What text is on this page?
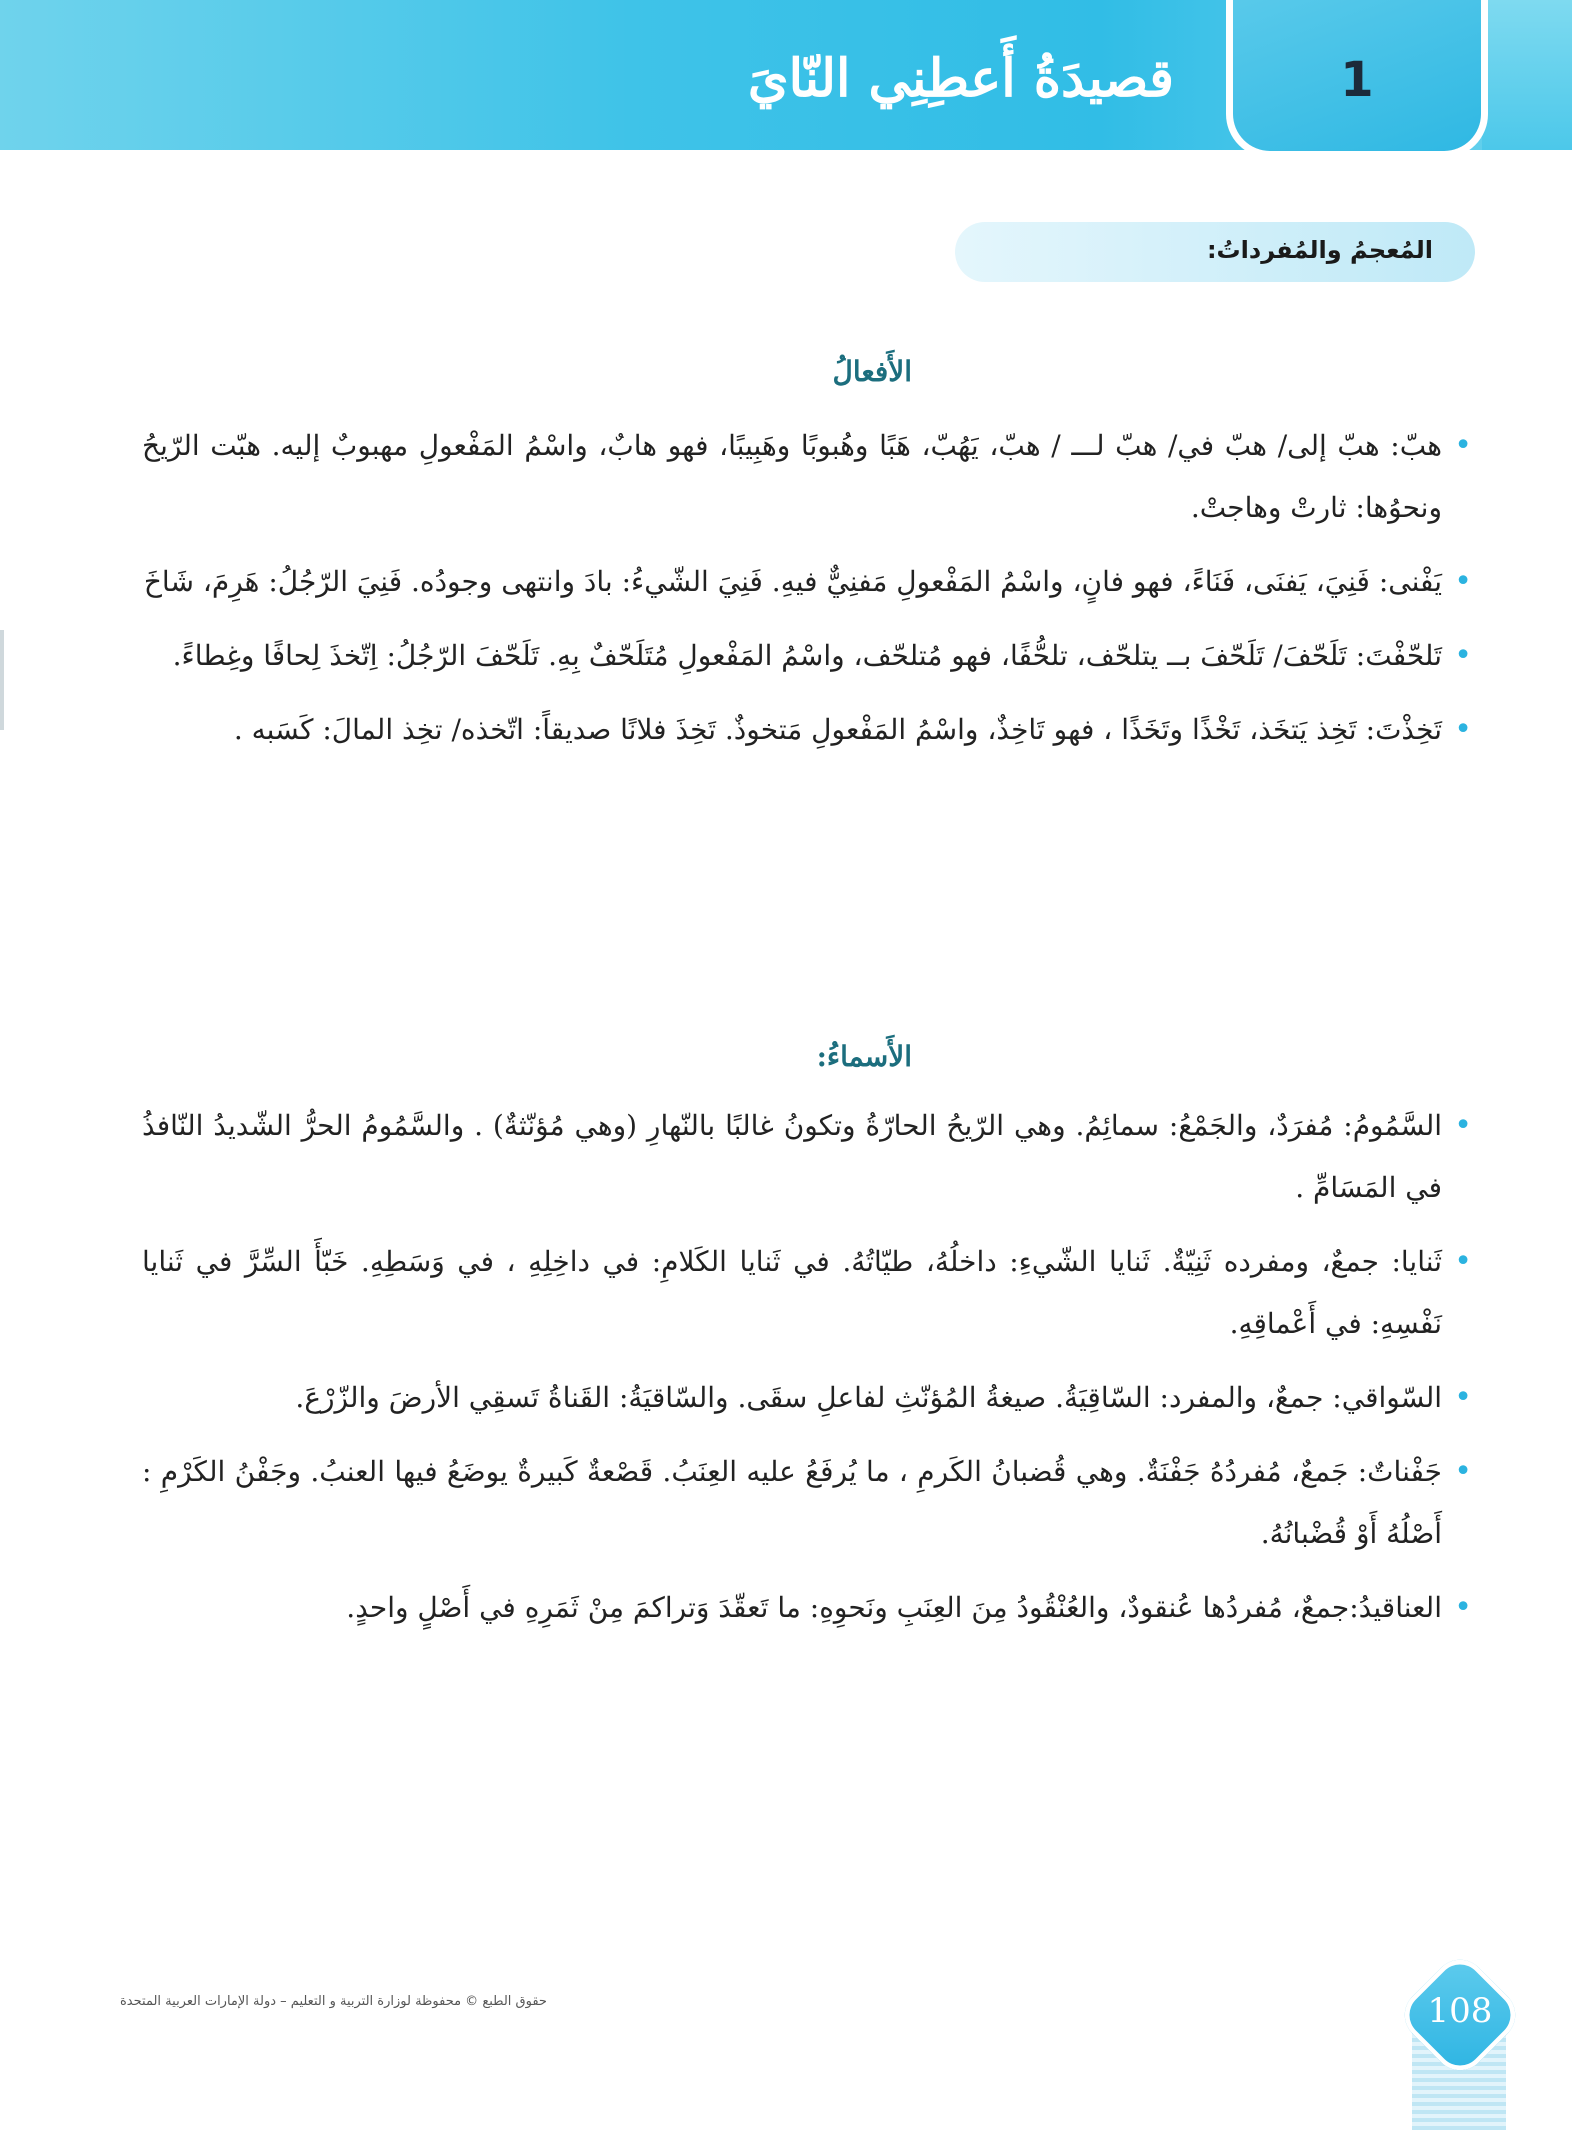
قصيدَةُ أَعطِنِي النّايَ	1
المُعجمُ والمُفرداتُ:
الأَفعالُ
•
هبّ: هبّ إلى/ هبّ في/ هبّ لـــ / هبّ، يَهُبّ، هَبًا وهُبوبًا وهَبِيبًا، فهو هابٌ، واسْمُ المَفْعولِ مهبوبٌ إليه. هبّت الرّيحُ ونحوُها: ثارتْ وهاجتْ.
•
يَفْنى: فَنِيَ، يَفنَى، فَنَاءً، فهو فانٍ، واسْمُ المَفْعولِ مَفنِيٌّ فيهِ. فَنِيَ الشّيءُ: بادَ وانتهى وجودُه. فَنِيَ الرّجُلُ: هَرِمَ، شَاخَ
•
تَلحّفْتَ: تَلَحّفَ/ تَلَحّفَ بــ يتلحّف، تلحُّفًا، فهو مُتلحّف، واسْمُ المَفْعولِ مُتَلَحّفٌ بِهِ. تَلَحّفَ الرّجُلُ: اِتّخذَ لِحافًا وغِطاءً.
•
تَخِذْتَ: تَخِذ يَتخَذ، تَخْذًا وتَخَذًا ، فهو تَاخِذٌ، واسْمُ المَفْعولِ مَتخوذٌ. تَخِذَ فلانًا صديقاً: اتّخذه/ تخِذ المالَ: كَسَبه .
الأَسماءُ:
•
السَّمُومُ: مُفرَدٌ، والجَمْعُ: سمائِمُ. وهي الرّيحُ الحارّةُ وتكونُ غالبًا بالنّهارِ (وهي مُؤنّثةٌ) . والسَّمُومُ الحرُّ الشّديدُ النّافذُ في المَسَامِّ .
•
ثَنايا: جمعٌ، ومفرده ثَنِيّةٌ. ثَنايا الشّيءِ: داخلُهُ، طيّاتُهُ. في ثَنايا الكَلامِ: في داخِلِهِ ، في وَسَطِهِ. خَبّأَ السِّرَّ في ثَنايا نَفْسِهِ: في أَعْماقِهِ.
•
السّواقي: جمعٌ، والمفرد: السّاقِيَةُ. صيغةُ المُؤنّثِ لفاعلِ سقَى. والسّاقيَةُ: القَناةُ تَسقِي الأرضَ والزّرْعَ.
•
جَفْناتٌ: جَمعٌ، مُفردُهُ جَفْنَةٌ. وهي قُضبانُ الكَرمِ ، ما يُرفَعُ عليه العِنَبُ. قَصْعةٌ كَبيرةٌ يوضَعُ فيها العنبُ. وجَفْنُ الكَرْمِ : أَصْلُهُ أَوْ قُضْبانُهُ.
•
العناقيدُ:جمعٌ، مُفردُها عُنقودٌ، والعُنْقُودُ مِنَ العِنَبِ ونَحوِهِ: ما تَعقّدَ وَتراكمَ مِنْ ثَمَرِهِ في أَصْلٍ واحدٍ.
حقوق الطبع © محفوظة لوزارة التربية و التعليم – دولة الإمارات العربية المتحدة	108
